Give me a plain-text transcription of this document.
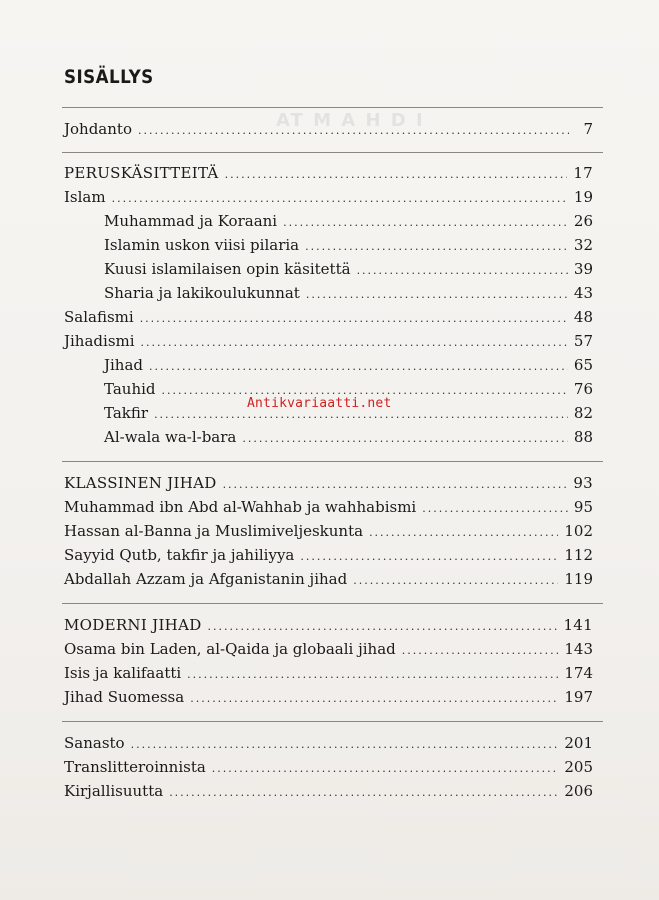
AT M A H D I
SISÄLLYS
Johdanto .....	7
PERUSKÄSITTEITÄ .....	17
Islam .....	19
Muhammad ja Koraani .....	26
Islamin uskon viisi pilaria .....	32
Kuusi islamilaisen opin käsitettä .....	39
Sharia ja lakikoulukunnat .....	43
Salafismi .....	48
Jihadismi .....	57
Jihad .....	65
Tauhid .....	76
Takfir .....	82
Al-wala wa-l-bara .....	88
KLASSINEN JIHAD .....	93
Muhammad ibn Abd al-Wahhab ja wahhabismi .....	95
Hassan al-Banna ja Muslimiveljeskunta .....	102
Sayyid Qutb, takfir ja jahiliyya .....	112
Abdallah Azzam ja Afganistanin jihad .....	119
MODERNI JIHAD .....	141
Osama bin Laden, al-Qaida ja globaali jihad .....	143
Isis ja kalifaatti .....	174
Jihad Suomessa .....	197
Sanasto .....	201
Translitteroinnista .....	205
Kirjallisuutta .....	206
Antikvariaatti.net
